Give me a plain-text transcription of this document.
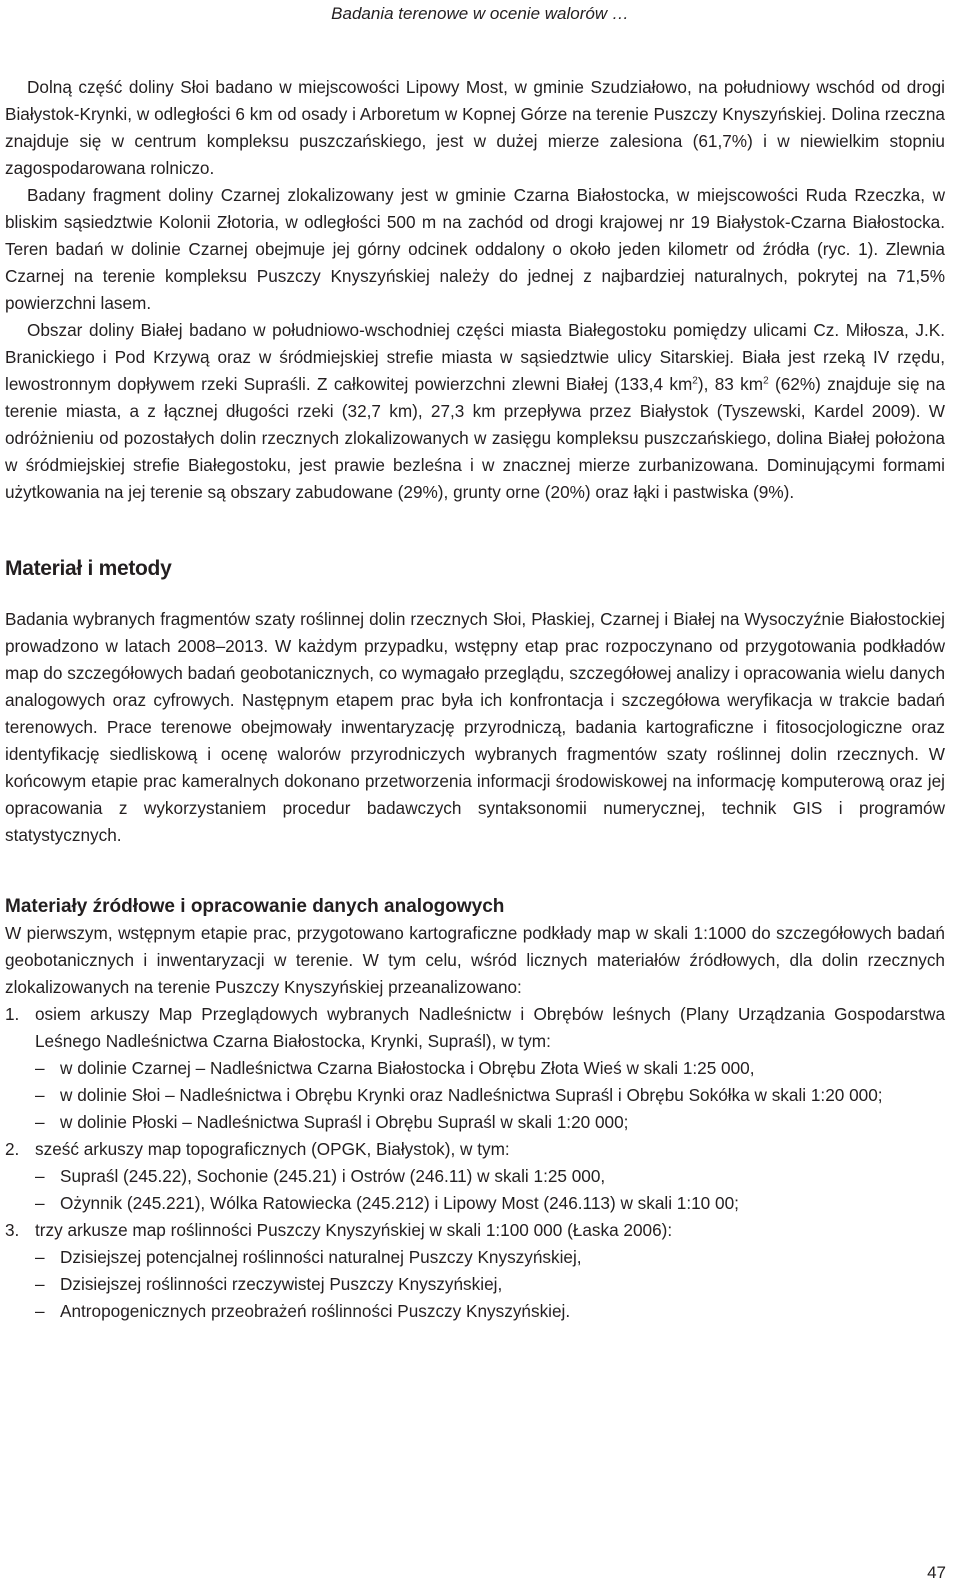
Badania terenowe w ocenie walorów …

Dolną część doliny Słoi badano w miejscowości Lipowy Most, w gminie Szudziałowo, na południowy wschód od drogi Białystok-Krynki, w odległości 6 km od osady i Arboretum w Kopnej Górze na terenie Puszczy Knyszyńskiej. Dolina rzeczna znajduje się w centrum kompleksu puszczańskiego, jest w dużej mierze zalesiona (61,7%) i w niewielkim stopniu zagospodarowana rolniczo.

Badany fragment doliny Czarnej zlokalizowany jest w gminie Czarna Białostocka, w miejscowości Ruda Rzeczka, w bliskim sąsiedztwie Kolonii Złotoria, w odległości 500 m na zachód od drogi krajowej nr 19 Białystok-Czarna Białostocka. Teren badań w dolinie Czarnej obejmuje jej górny odcinek oddalony o około jeden kilometr od źródła (ryc. 1). Zlewnia Czarnej na terenie kompleksu Puszczy Knyszyńskiej należy do jednej z najbardziej naturalnych, pokrytej na 71,5% powierzchni lasem.

Obszar doliny Białej badano w południowo-wschodniej części miasta Białegostoku pomiędzy ulicami Cz. Miłosza, J.K. Branickiego i Pod Krzywą oraz w śródmiejskiej strefie miasta w sąsiedztwie ulicy Sitarskiej. Biała jest rzeką IV rzędu, lewostronnym dopływem rzeki Supraśli. Z całkowitej powierzchni zlewni Białej (133,4 $km^2$), 83 $km^2$ (62%) znajduje się na terenie miasta, a z łącznej długości rzeki (32,7 km), 27,3 km przepływa przez Białystok (Tyszewski, Kardel 2009). W odróżnieniu od pozostałych dolin rzecznych zlokalizowanych w zasięgu kompleksu puszczańskiego, dolina Białej położona w śródmiejskiej strefie Białegostoku, jest prawie bezleśna i w znacznej mierze zurbanizowana. Dominującymi formami użytkowania na jej terenie są obszary zabudowane (29%), grunty orne (20%) oraz łąki i pastwiska (9%).

Materiał i metody

Badania wybranych fragmentów szaty roślinnej dolin rzecznych Słoi, Płaskiej, Czarnej i Białej na Wysoczyźnie Białostockiej prowadzono w latach 2008–2013. W każdym przypadku, wstępny etap prac rozpoczynano od przygotowania podkładów map do szczegółowych badań geobotanicznych, co wymagało przeglądu, szczegółowej analizy i opracowania wielu danych analogowych oraz cyfrowych. Następnym etapem prac była ich konfrontacja i szczegółowa weryfikacja w trakcie badań terenowych. Prace terenowe obejmowały inwentaryzację przyrodniczą, badania kartograficzne i fitosocjologiczne oraz identyfikację siedliskową i ocenę walorów przyrodniczych wybranych fragmentów szaty roślinnej dolin rzecznych. W końcowym etapie prac kameralnych dokonano przetworzenia informacji środowiskowej na informację komputerową oraz jej opracowania z wykorzystaniem procedur badawczych syntaksonomii numerycznej, technik GIS i programów statystycznych.

Materiały źródłowe i opracowanie danych analogowych

W pierwszym, wstępnym etapie prac, przygotowano kartograficzne podkłady map w skali 1:1000 do szczegółowych badań geobotanicznych i inwentaryzacji w terenie. W tym celu, wśród licznych materiałów źródłowych, dla dolin rzecznych zlokalizowanych na terenie Puszczy Knyszyńskiej przeanalizowano:

1. osiem arkuszy Map Przeglądowych wybranych Nadleśnictw i Obrębów leśnych (Plany Urządzania Gospodarstwa Leśnego Nadleśnictwa Czarna Białostocka, Krynki, Supraśl), w tym:
– w dolinie Czarnej – Nadleśnictwa Czarna Białostocka i Obrębu Złota Wieś w skali 1:25 000,
– w dolinie Słoi – Nadleśnictwa i Obrębu Krynki oraz Nadleśnictwa Supraśl i Obrębu Sokółka w skali 1:20 000;
– w dolinie Płoski – Nadleśnictwa Supraśl i Obrębu Supraśl w skali 1:20 000;
2. sześć arkuszy map topograficznych (OPGK, Białystok), w tym:
– Supraśl (245.22), Sochonie (245.21) i Ostrów (246.11) w skali 1:25 000,
– Ożynnik (245.221), Wólka Ratowiecka (245.212) i Lipowy Most (246.113) w skali 1:10 00;
3. trzy arkusze map roślinności Puszczy Knyszyńskiej w skali 1:100 000 (Łaska 2006):
– Dzisiejszej potencjalnej roślinności naturalnej Puszczy Knyszyńskiej,
– Dzisiejszej roślinności rzeczywistej Puszczy Knyszyńskiej,
– Antropogenicznych przeobrażeń roślinności Puszczy Knyszyńskiej.
47
